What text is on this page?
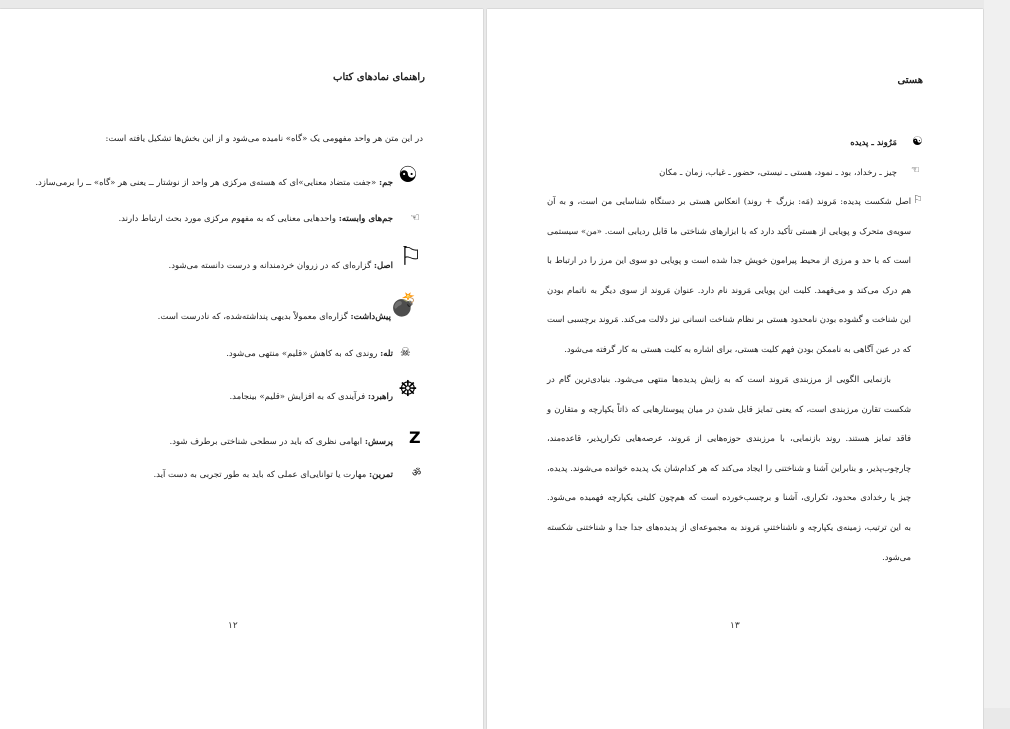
راهنمای نمادهای کتاب
در این متن هر واحد مفهومی یک «گاه» نامیده می‌شود و از این بخش‌ها تشکیل یافته است:
☯
جم: «جفت متضاد معنایی»ای که هسته‌ی مرکزی هر واحد از نوشتار ــ یعنی هر «گاه» ــ را برمی‌سازد.
☜
جم‌های وابسته: واحدهایی معنایی که به مفهوم مرکزی مورد بحث ارتباط دارند.
⚐
اصل: گزاره‌ای که در زروان خردمندانه و درست دانسته می‌شود.
💣
پیش‌داشت: گزاره‌ای معمولاً بدیهی پنداشته‌شده، که نادرست است.
☠
تله: روندی که به کاهش «قلیم» منتهی می‌شود.
☸
راهبرد: فرآیندی که به افزایش «قلیم» بینجامد.
Z
پرسش: ابهامی نظری که باید در سطحی شناختی برطرف شود.
ॐ
تمرین: مهارت یا توانایی‌ای عملی که باید به طور تجربی به دست آید.
۱۲
هستی
☯
مَرُوند ـ پدیده
☜
چیز ـ رخداد، بود ـ نمود، هستی ـ نیستی، حضور ـ غیاب، زمان ـ مکان
⚐
اصل شکست پدیده: مَروند (مَه: بزرگ + روند) انعکاس هستی بر دستگاه شناسایی من است، و به آن
سویه‌ی متحرک و پویایی از هستی تأکید دارد که با ابزارهای شناختی ما قابل ردیابی است. «من» سیستمی
است که با حد و مرزی از محیط پیرامون خویش جدا شده است و پویایی دو سوی این مرز را در ارتباط با
هم درک می‌کند و می‌فهمد. کلیت این پویایی مَروند نام دارد. عنوان مَروند از سوی دیگر به ناتمام بودن
این شناخت و گشوده بودن نامحدود هستی بر نظام شناخت انسانی نیز دلالت می‌کند. مَروند برچسبی است
که در عین آگاهی به ناممکن بودن فهم کلیت هستی، برای اشاره به کلیت هستی به کار گرفته می‌شود.
بازنمایی الگویی از مرزبندی مَروند است که به زایش پدیده‌ها منتهی می‌شود. بنیادی‌ترین گام در
شکست تقارن مرزبندی است، که یعنی تمایز قایل شدن در میان پیوستارهایی که ذاتاً یکپارچه و متقارن و
فاقد تمایز هستند. روند بازنمایی، با مرزبندی حوزه‌هایی از مَروند، عرصه‌هایی تکرارپذیر، قاعده‌مند،
چارچوب‌پذیر، و بنابراین آشنا و شناختنی را ایجاد می‌کند که هر کدام‌شان یک پدیده خوانده می‌شوند. پدیده،
چیز یا رخدادی محدود، تکراری، آشنا و برچسب‌خورده است که هم‌چون کلیتی یکپارچه فهمیده می‌شود.
به این ترتیب، زمینه‌ی یکپارچه و ناشناختنیِ مَروند به مجموعه‌ای از پدیده‌های جدا جدا و شناختنی شکسته
می‌شود.
۱۳
